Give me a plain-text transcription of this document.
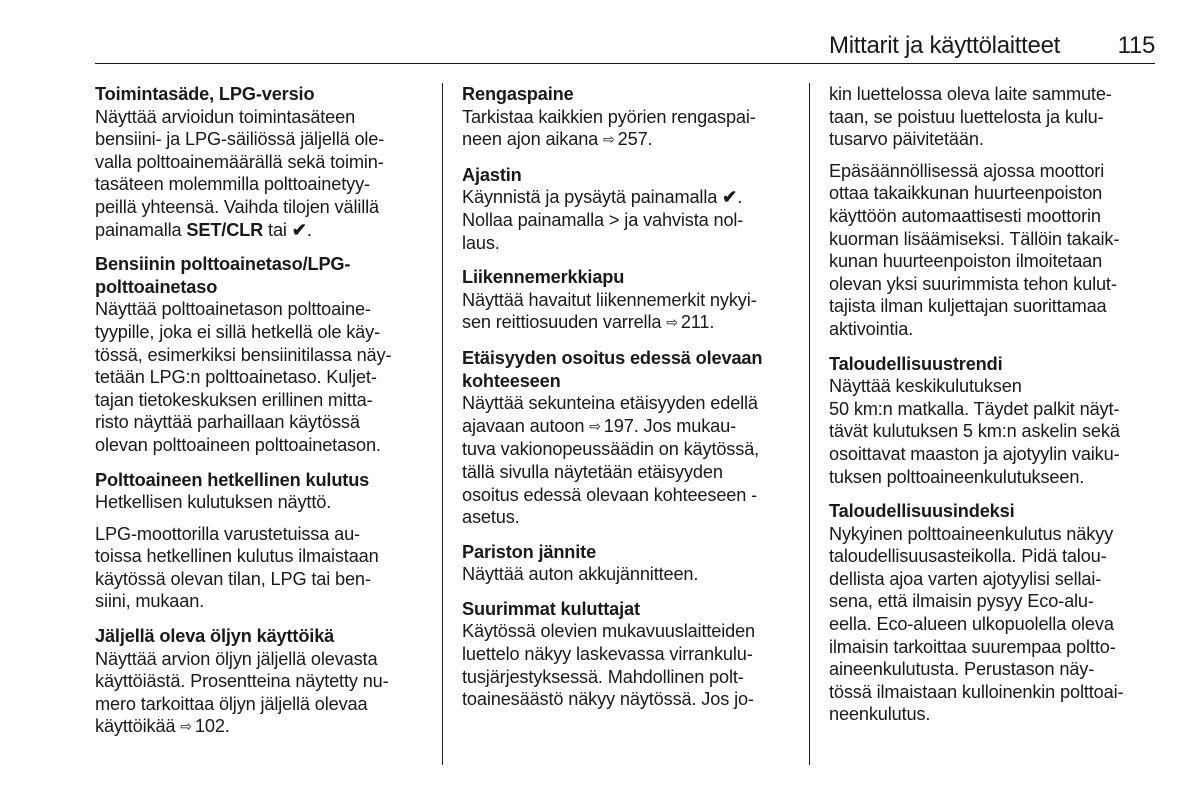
Mittarit ja käyttölaitteet 115
Toimintasäde, LPG-versio
Näyttää arvioidun toimintasäteen
bensiini- ja LPG-säiliössä jäljellä ole-
valla polttoainemäärällä sekä toimin-
tasäteen molemmilla polttoainetyy-
peillä yhteensä. Vaihda tilojen välillä
painamalla SET/CLR tai ✔.
Bensiinin polttoainetaso/LPG-
polttoainetaso
Näyttää polttoainetason polttoaine-
tyypille, joka ei sillä hetkellä ole käy-
tössä, esimerkiksi bensiinitilassa näy-
tetään LPG:n polttoainetaso. Kuljet-
tajan tietokeskuksen erillinen mitta-
risto näyttää parhaillaan käytössä
olevan polttoaineen polttoainetason.
Polttoaineen hetkellinen kulutus
Hetkellisen kulutuksen näyttö.
LPG-moottorilla varustetuissa au-
toissa hetkellinen kulutus ilmaistaan
käytössä olevan tilan, LPG tai ben-
siini, mukaan.
Jäljellä oleva öljyn käyttöikä
Näyttää arvion öljyn jäljellä olevasta
käyttöiästä. Prosentteina näytetty nu-
mero tarkoittaa öljyn jäljellä olevaa
käyttöikää ⇨ 102.
Rengaspaine
Tarkistaa kaikkien pyörien rengaspai-
neen ajon aikana ⇨ 257.
Ajastin
Käynnistä ja pysäytä painamalla ✔.
Nollaa painamalla > ja vahvista nol-
laus.
Liikennemerkkiapu
Näyttää havaitut liikennemerkit nykyi-
sen reittiosuuden varrella ⇨ 211.
Etäisyyden osoitus edessä olevaan
kohteeseen
Näyttää sekunteina etäisyyden edellä
ajavaan autoon ⇨ 197. Jos mukau-
tuva vakionopeussäädin on käytössä,
tällä sivulla näytetään etäisyyden
osoitus edessä olevaan kohteeseen -
asetus.
Pariston jännite
Näyttää auton akkujännitteen.
Suurimmat kuluttajat
Käytössä olevien mukavuuslaitteiden
luettelo näkyy laskevassa virrankulu-
tusjärjestyksessä. Mahdollinen polt-
toainesäästö näkyy näytössä. Jos jo-
kin luettelossa oleva laite sammute-
taan, se poistuu luettelosta ja kulu-
tusarvo päivitetään.
Epäsäännöllisessä ajossa moottori
ottaa takaikkunan huurteenpoiston
käyttöön automaattisesti moottorin
kuorman lisäämiseksi. Tällöin takaik-
kunan huurteenpoiston ilmoitetaan
olevan yksi suurimmista tehon kulut-
tajista ilman kuljettajan suorittamaa
aktivointia.
Taloudellisuustrendi
Näyttää keskikulutuksen
50 km:n matkalla. Täydet palkit näyt-
tävät kulutuksen 5 km:n askelin sekä
osoittavat maaston ja ajotyylin vaiku-
tuksen polttoaineenkulutukseen.
Taloudellisuusindeksi
Nykyinen polttoaineenkulutus näkyy
taloudellisuusasteikolla. Pidä talou-
dellista ajoa varten ajotyylisi sellai-
sena, että ilmaisin pysyy Eco-alu-
eella. Eco-alueen ulkopuolella oleva
ilmaisin tarkoittaa suurempaa poltto-
aineenkulutusta. Perustason näy-
tössä ilmaistaan kulloinenkin polttoai-
neenkulutus.
